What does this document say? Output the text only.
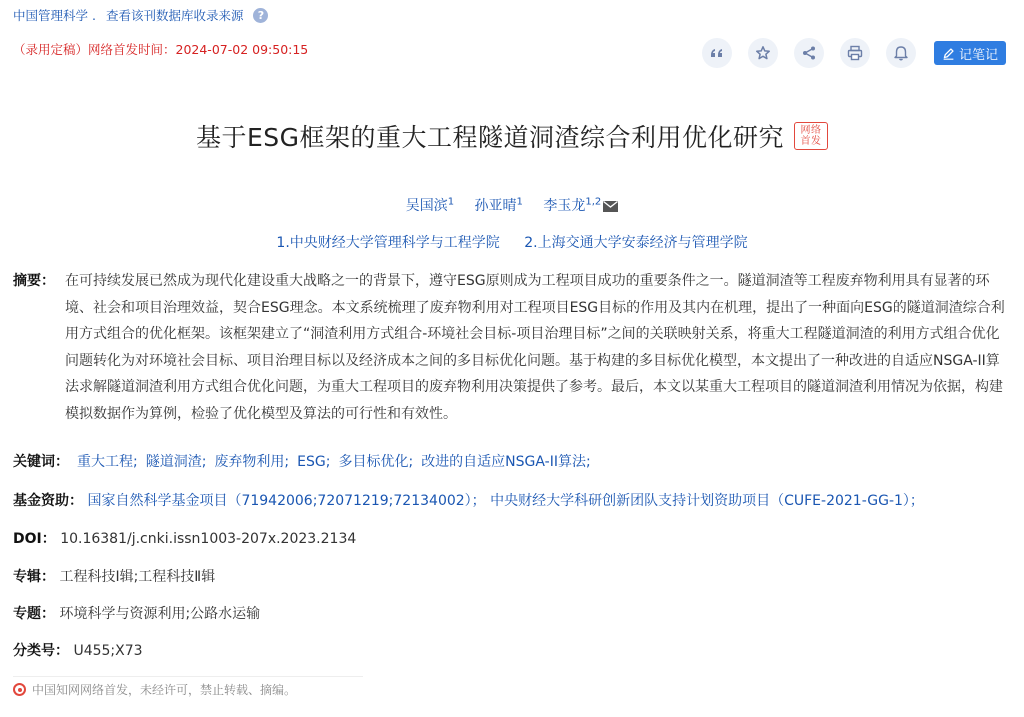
中国管理科学 . 查看该刊数据库收录来源	?
（录用定稿）网络首发时间：2024-07-02 09:50:15	记笔记
基于ESG框架的重大工程隧道洞渣综合利用优化研究	网络首发
吴国滨$^1$ 孙亚晴$^1$ 李玉龙$^{1,2}$
1.中央财经大学管理科学与工程学院 2.上海交通大学安泰经济与管理学院
摘要： 在可持续发展已然成为现代化建设重大战略之一的背景下，遵守ESG原则成为工程项目成功的重要条件之一。隧道洞渣等工程废弃物利用具有显著的环境、社会和项目治理效益，契合ESG理念。本文系统梳理了废弃物利用对工程项目ESG目标的作用及其内在机理，提出了一种面向ESG的隧道洞渣综合利用方式组合的优化框架。该框架建立了“洞渣利用方式组合-环境社会目标-项目治理目标”之间的关联映射关系，将重大工程隧道洞渣的利用方式组合优化问题转化为对环境社会目标、项目治理目标以及经济成本之间的多目标优化问题。基于构建的多目标优化模型，本文提出了一种改进的自适应NSGA-II算法求解隧道洞渣利用方式组合优化问题，为重大工程项目的废弃物利用决策提供了参考。最后，本文以某重大工程项目的隧道洞渣利用情况为依据，构建模拟数据作为算例，检验了优化模型及算法的可行性和有效性。
关键词： 重大工程; 隧道洞渣; 废弃物利用; ESG; 多目标优化; 改进的自适应NSGA-II算法;
基金资助： 国家自然科学基金项目（71942006;72071219;72134002）； 中央财经大学科研创新团队支持计划资助项目（CUFE-2021-GG-1）；
DOI： 10.16381/j.cnki.issn1003-207x.2023.2134
专辑： 工程科技Ⅰ辑;工程科技Ⅱ辑
专题： 环境科学与资源利用;公路水运输
分类号： U455;X73
中国知网网络首发，未经许可，禁止转载、摘编。
